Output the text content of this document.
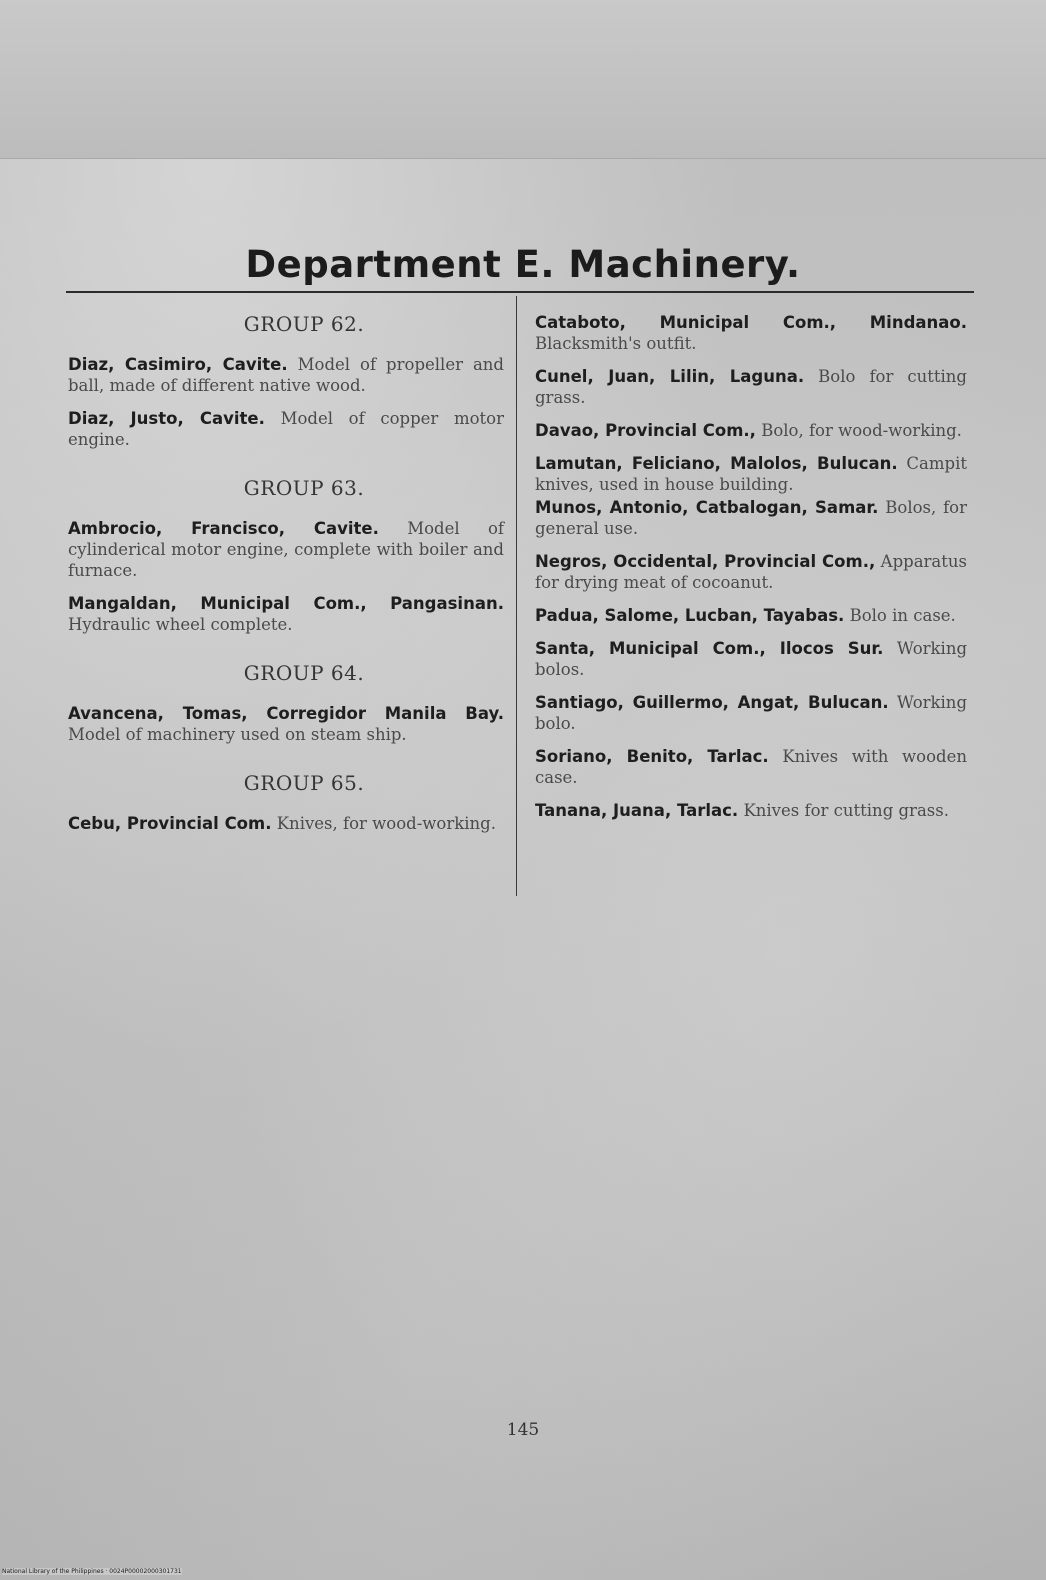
Department E. Machinery.
GROUP 62.

Diaz, Casimiro, Cavite. Model of propeller and ball, made of different native wood.

Diaz, Justo, Cavite. Model of copper motor engine.

GROUP 63.

Ambrocio, Francisco, Cavite. Model of cylinderical motor engine, complete with boiler and furnace.

Mangaldan, Municipal Com., Pangasinan. Hydraulic wheel complete.

GROUP 64.

Avancena, Tomas, Corregidor Manila Bay. Model of machinery used on steam ship.

GROUP 65.

Cebu, Provincial Com. Knives, for wood-working.

Cataboto, Municipal Com., Mindanao. Blacksmith's outfit.

Cunel, Juan, Lilin, Laguna. Bolo for cutting grass.

Davao, Provincial Com., Bolo, for wood-working.

Lamutan, Feliciano, Malolos, Bulucan. Campit knives, used in house building.

Munos, Antonio, Catbalogan, Samar. Bolos, for general use.

Negros, Occidental, Provincial Com., Apparatus for drying meat of cocoanut.

Padua, Salome, Lucban, Tayabas. Bolo in case.

Santa, Municipal Com., Ilocos Sur. Working bolos.

Santiago, Guillermo, Angat, Bulucan. Working bolo.

Soriano, Benito, Tarlac. Knives with wooden case.

Tanana, Juana, Tarlac. Knives for cutting grass.

145
National Library of the Philippines · 0024P00002000301731
